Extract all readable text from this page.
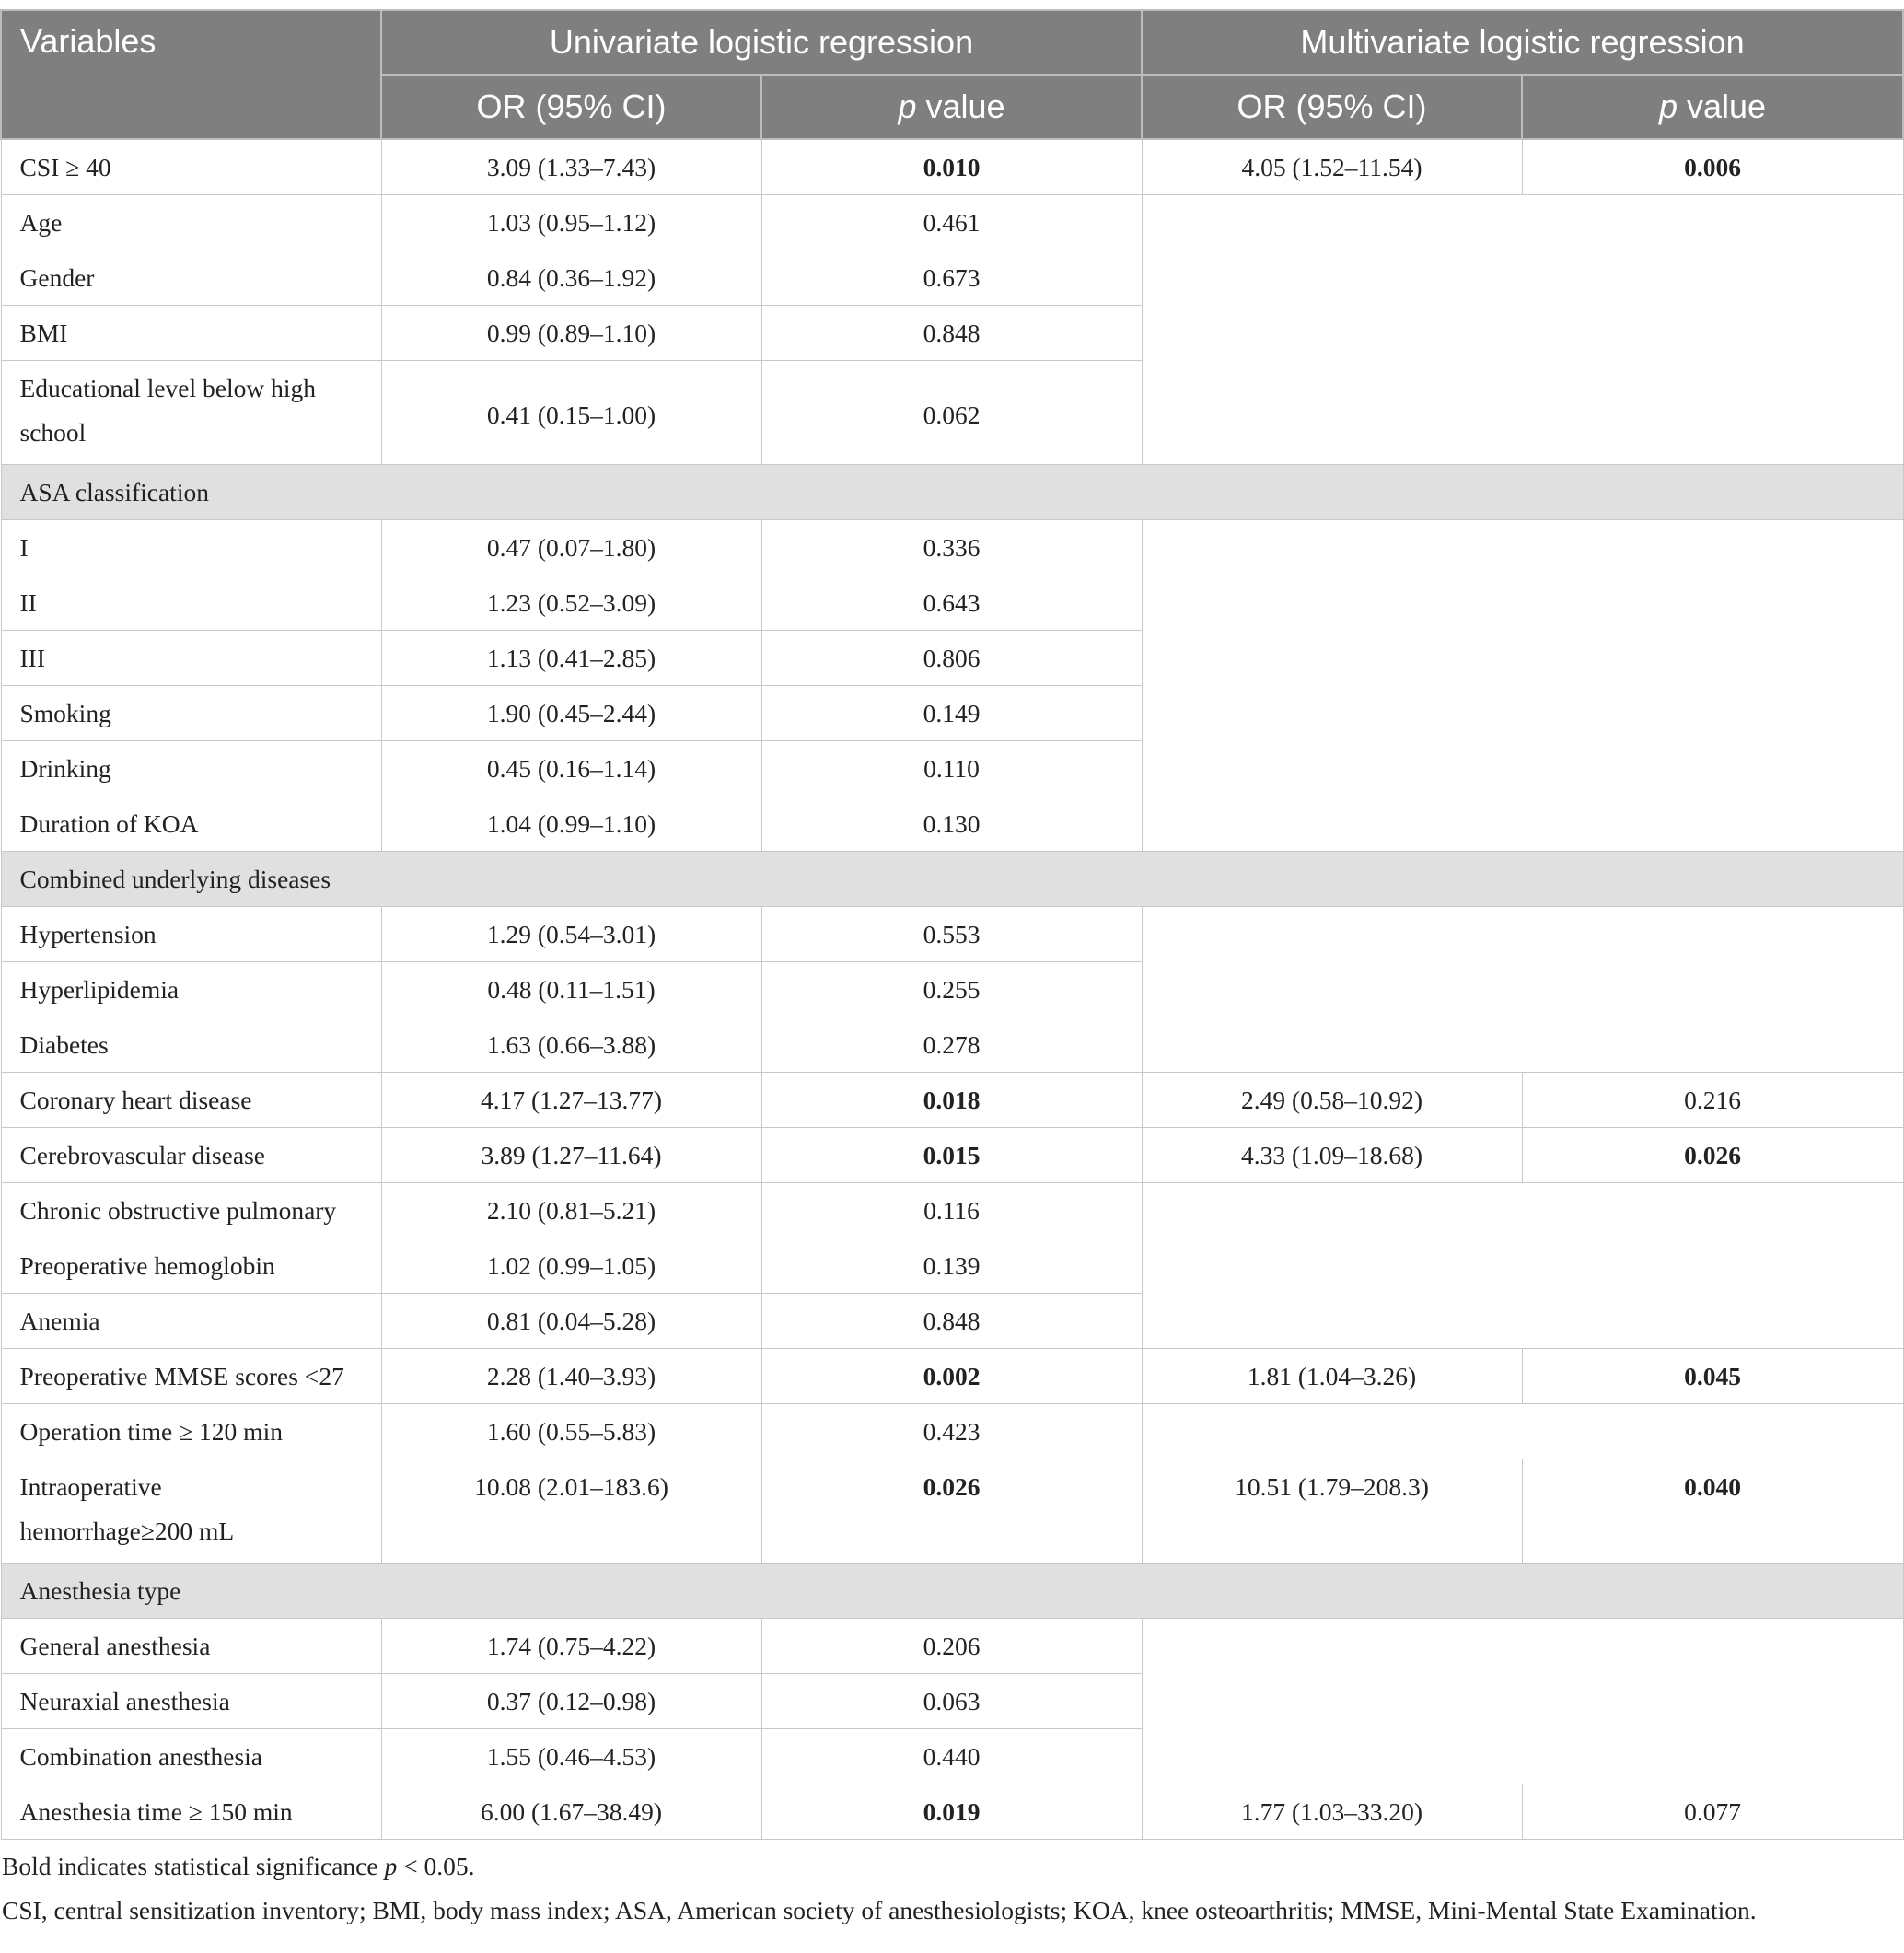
Variables	Univariate logistic regression		Multivariate logistic regression	
	OR (95% CI)	p value	OR (95% CI)	p value
CSI ≥ 40	3.09 (1.33–7.43)	0.010	4.05 (1.52–11.54)	0.006
Age	1.03 (0.95–1.12)	0.461		
Gender	0.84 (0.36–1.92)	0.673		
BMI	0.99 (0.89–1.10)	0.848		
Educational level below high
school	0.41 (0.15–1.00)	0.062		
ASA classification				
I	0.47 (0.07–1.80)	0.336		
II	1.23 (0.52–3.09)	0.643		
III	1.13 (0.41–2.85)	0.806		
Smoking	1.90 (0.45–2.44)	0.149		
Drinking	0.45 (0.16–1.14)	0.110		
Duration of KOA	1.04 (0.99–1.10)	0.130		
Combined underlying diseases				
Hypertension	1.29 (0.54–3.01)	0.553		
Hyperlipidemia	0.48 (0.11–1.51)	0.255		
Diabetes	1.63 (0.66–3.88)	0.278		
Coronary heart disease	4.17 (1.27–13.77)	0.018	2.49 (0.58–10.92)	0.216
Cerebrovascular disease	3.89 (1.27–11.64)	0.015	4.33 (1.09–18.68)	0.026
Chronic obstructive pulmonary	2.10 (0.81–5.21)	0.116		
Preoperative hemoglobin	1.02 (0.99–1.05)	0.139		
Anemia	0.81 (0.04–5.28)	0.848		
Preoperative MMSE scores <27	2.28 (1.40–3.93)	0.002	1.81 (1.04–3.26)	0.045
Operation time ≥ 120 min	1.60 (0.55–5.83)	0.423		
Intraoperative
hemorrhage≥200 mL	10.08 (2.01–183.6)	0.026	10.51 (1.79–208.3)	0.040
Anesthesia type				
General anesthesia	1.74 (0.75–4.22)	0.206		
Neuraxial anesthesia	0.37 (0.12–0.98)	0.063		
Combination anesthesia	1.55 (0.46–4.53)	0.440		
Anesthesia time ≥ 150 min	6.00 (1.67–38.49)	0.019	1.77 (1.03–33.20)	0.077
Bold indicates statistical significance p < 0.05.
CSI, central sensitization inventory; BMI, body mass index; ASA, American society of anesthesiologists; KOA, knee osteoarthritis; MMSE, Mini-Mental State Examination.
